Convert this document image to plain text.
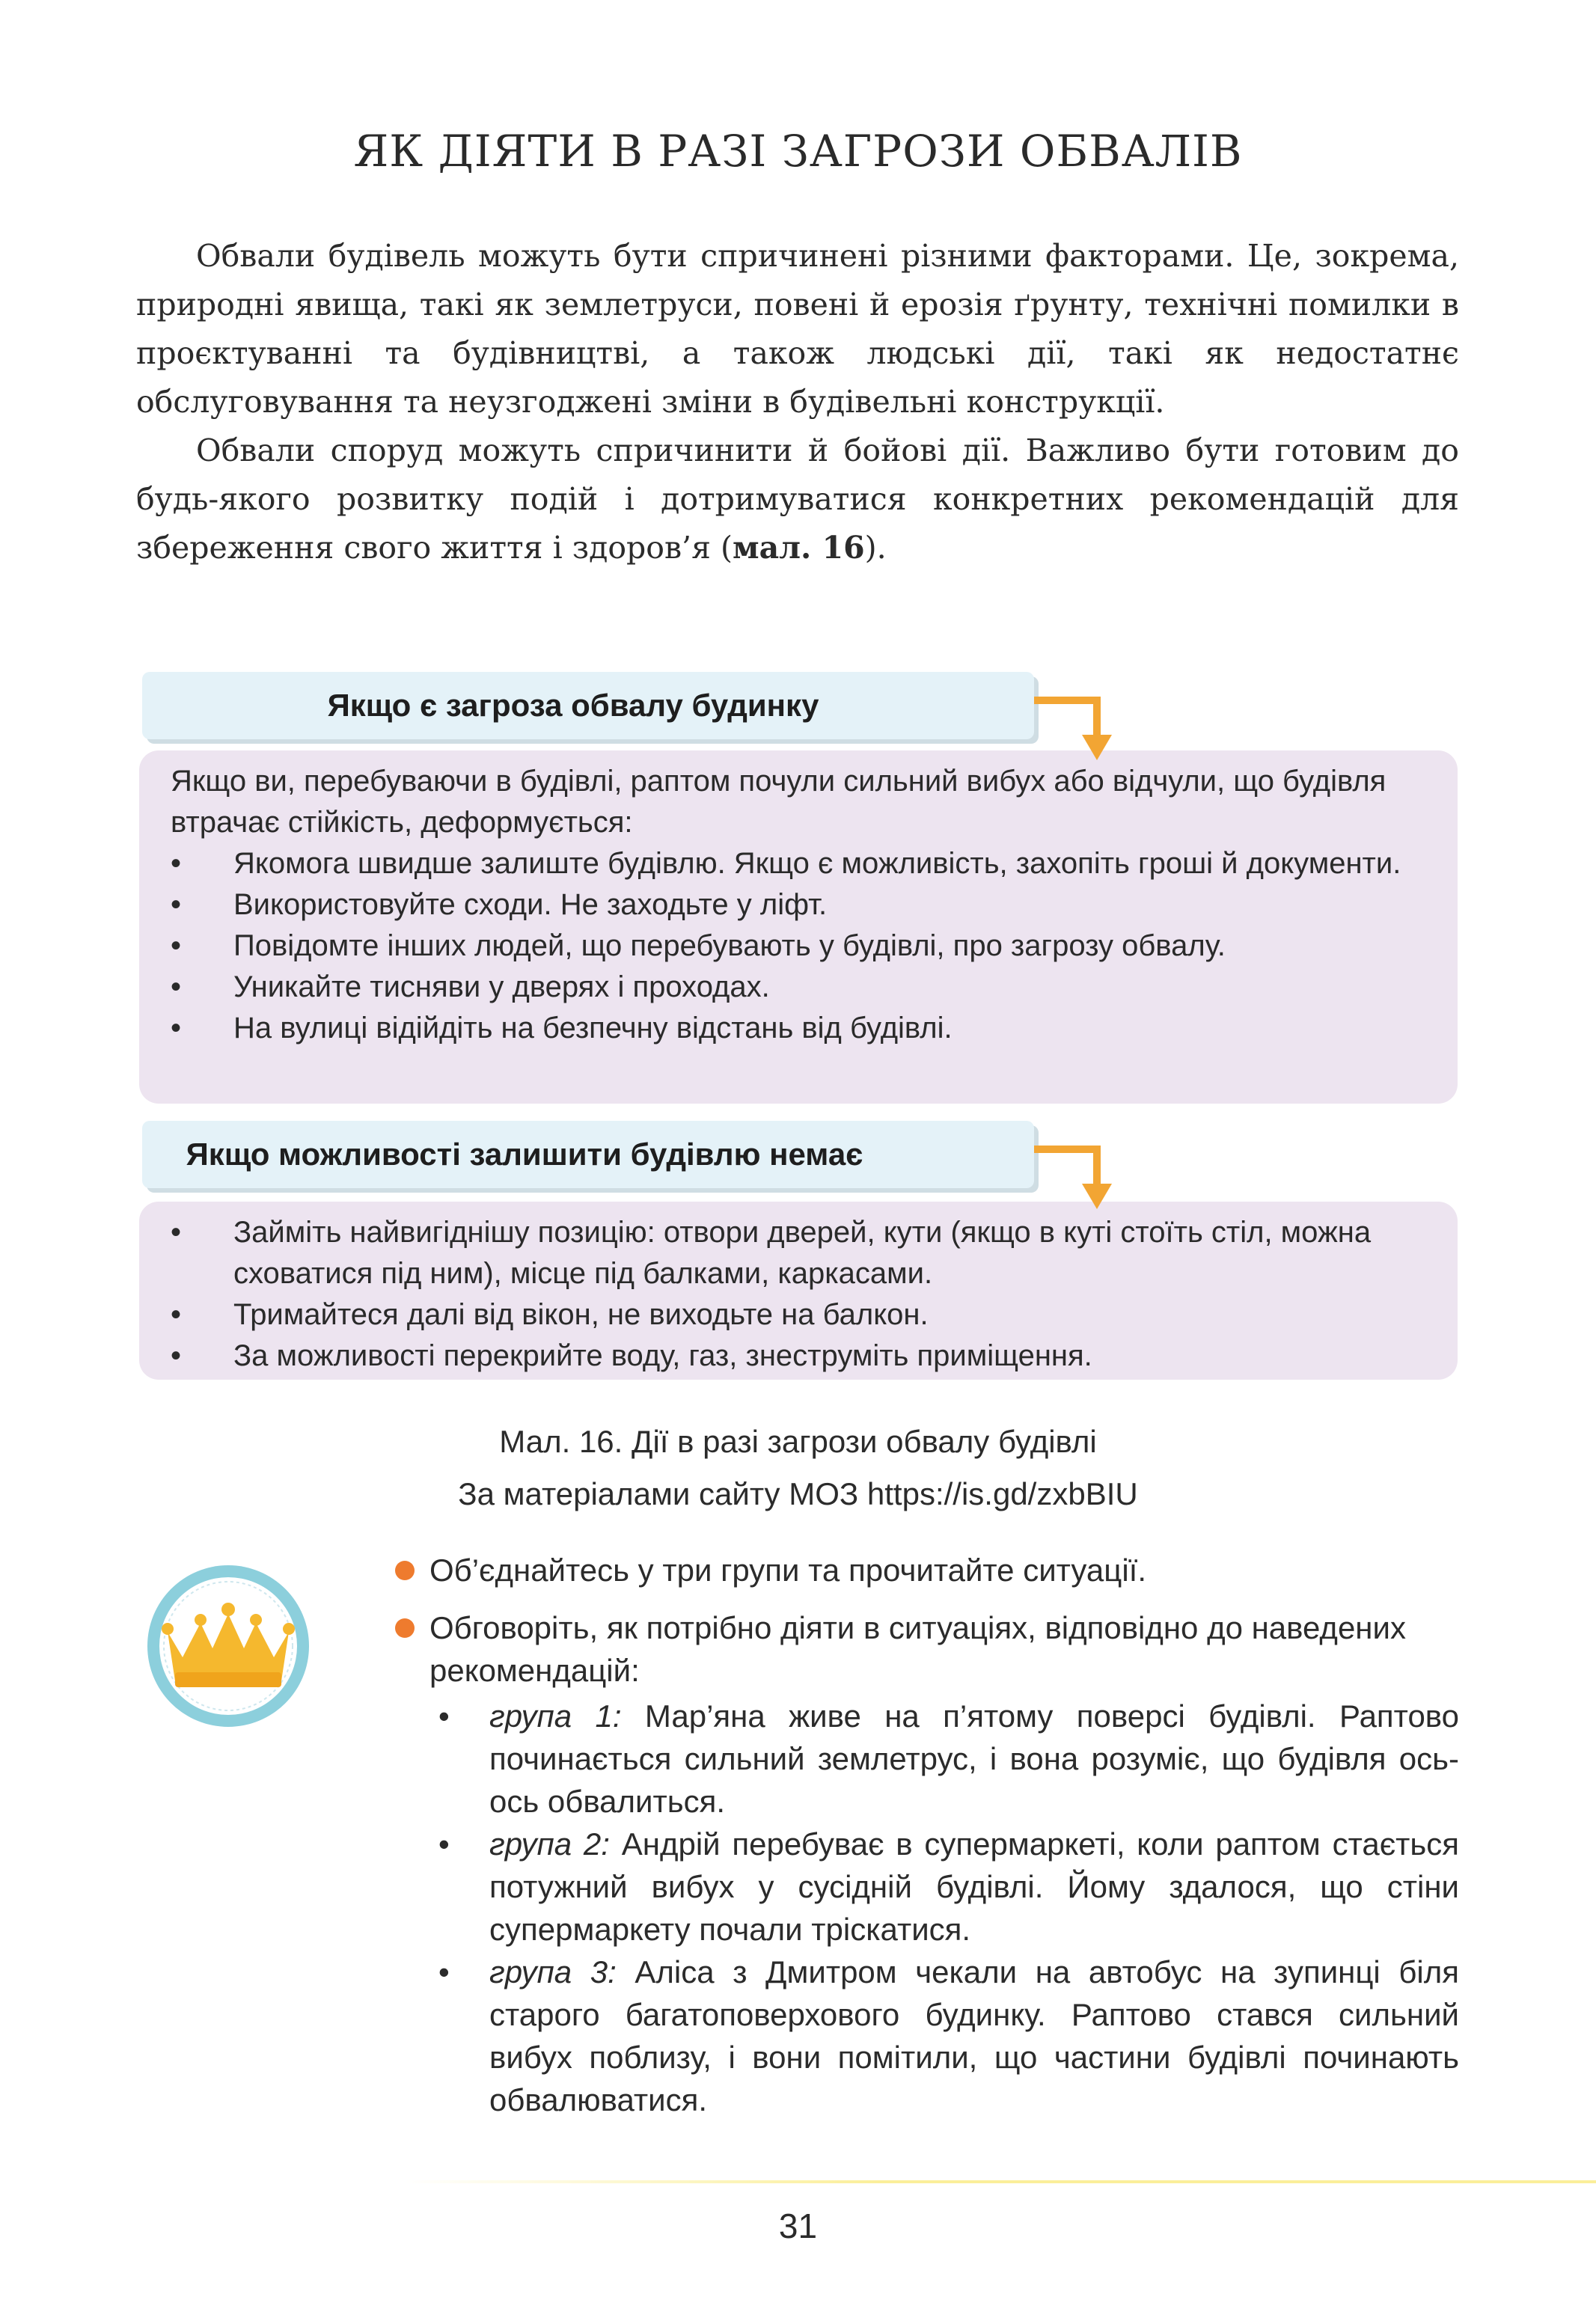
ЯК ДІЯТИ В РАЗІ ЗАГРОЗИ ОБВАЛІВ

Обвали будівель можуть бути спричинені різними факторами. Це, зокрема, природні явища, такі як землетруси, повені й ерозія ґрунту, технічні помилки в проєктуванні та будівництві, а також людські дії, такі як недостатнє обслуговування та неузгоджені зміни в будівельні конструкції.

Обвали споруд можуть спричинити й бойові дії. Важливо бути готовим до будь-якого розвитку подій і дотримуватися конкретних рекомендацій для збереження свого життя і здоров’я (мал. 16).

Якщо є загроза обвалу будинку

Якщо ви, перебуваючи в будівлі, раптом почули сильний вибух або відчули, що будівля втрачає стійкість, деформується:

• Якомога швидше залиште будівлю. Якщо є можливість, захопіть гроші й документи.
• Використовуйте сходи. Не заходьте у ліфт.
• Повідомте інших людей, що перебувають у будівлі, про загрозу обвалу.
• Уникайте тисняви у дверях і проходах.
• На вулиці відійдіть на безпечну відстань від будівлі.
Якщо можливості залишити будівлю немає
• Займіть найвигіднішу позицію: отвори дверей, кути (якщо в куті стоїть стіл, можна сховатися під ним), місце під балками, каркасами.
• Тримайтеся далі від вікон, не виходьте на балкон.
• За можливості перекрийте воду, газ, знеструміть приміщення.
Мал. 16. Дії в разі загрози обвалу будівлі
За матеріалами сайту МОЗ https://is.gd/zxbBIU
Об’єднайтесь у три групи та прочитайте ситуації.
Обговоріть, як потрібно діяти в ситуаціях, відповідно до наведених рекомендацій:
• група 1: Мар’яна живе на п’ятому поверсі будівлі. Раптово починається сильний землетрус, і вона розуміє, що будівля ось-ось обвалиться.
• група 2: Андрій перебуває в супермаркеті, коли раптом стається потужний вибух у сусідній будівлі. Йому здалося, що стіни супермаркету почали тріскатися.
• група 3: Аліса з Дмитром чекали на автобус на зупинці біля старого багатоповерхового будинку. Раптово стався сильний вибух поблизу, і вони помітили, що частини будівлі починають обвалюватися.
31
